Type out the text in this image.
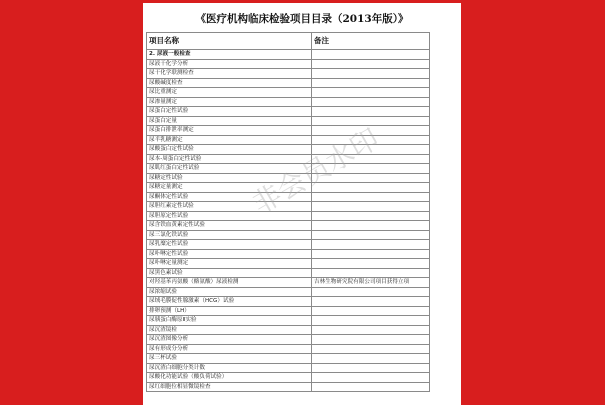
《医疗机构临床检验项目目录（2013年版）》
项目名称	备注
2. 尿液一般检查	
尿液干化学分析	
尿干化学联测检查	
尿酸碱度检查	
尿比重测定	
尿渗量测定	
尿蛋白定性试验	
尿蛋白定量	
尿蛋白排泄率测定	
尿半乳糖测定	
尿酸蛋白定性试验	
尿本-周蛋白定性试验	
尿肌红蛋白定性试验	
尿糖定性试验	
尿糖定量测定	
尿酮体定性试验	
尿胆红素定性试验	
尿胆原定性试验	
尿含铁血黄素定性试验	
尿三氯化铁试验	
尿乳糜定性试验	
尿卟啉定性试验	
尿卟啉定量测定	
尿黑色素试验	
对羟基苯丙氨酸（酪氨酸）尿液检测	吉林生物研究院有限公司项目获得立项
尿浓缩试验	
尿绒毛膜促性腺激素（HCG）试验	
排卵预测（LH）	
尿胰蛋白酶原Ⅱ实验	
尿沉渣镜检	
尿沉渣图像分析	
尿有形成分分析	
尿三杯试验	
尿沉渣白细胞分类计数	
尿酸化功能试验（酸负荷试验）	
尿红细胞位相显微镜检查	
非会员水印
